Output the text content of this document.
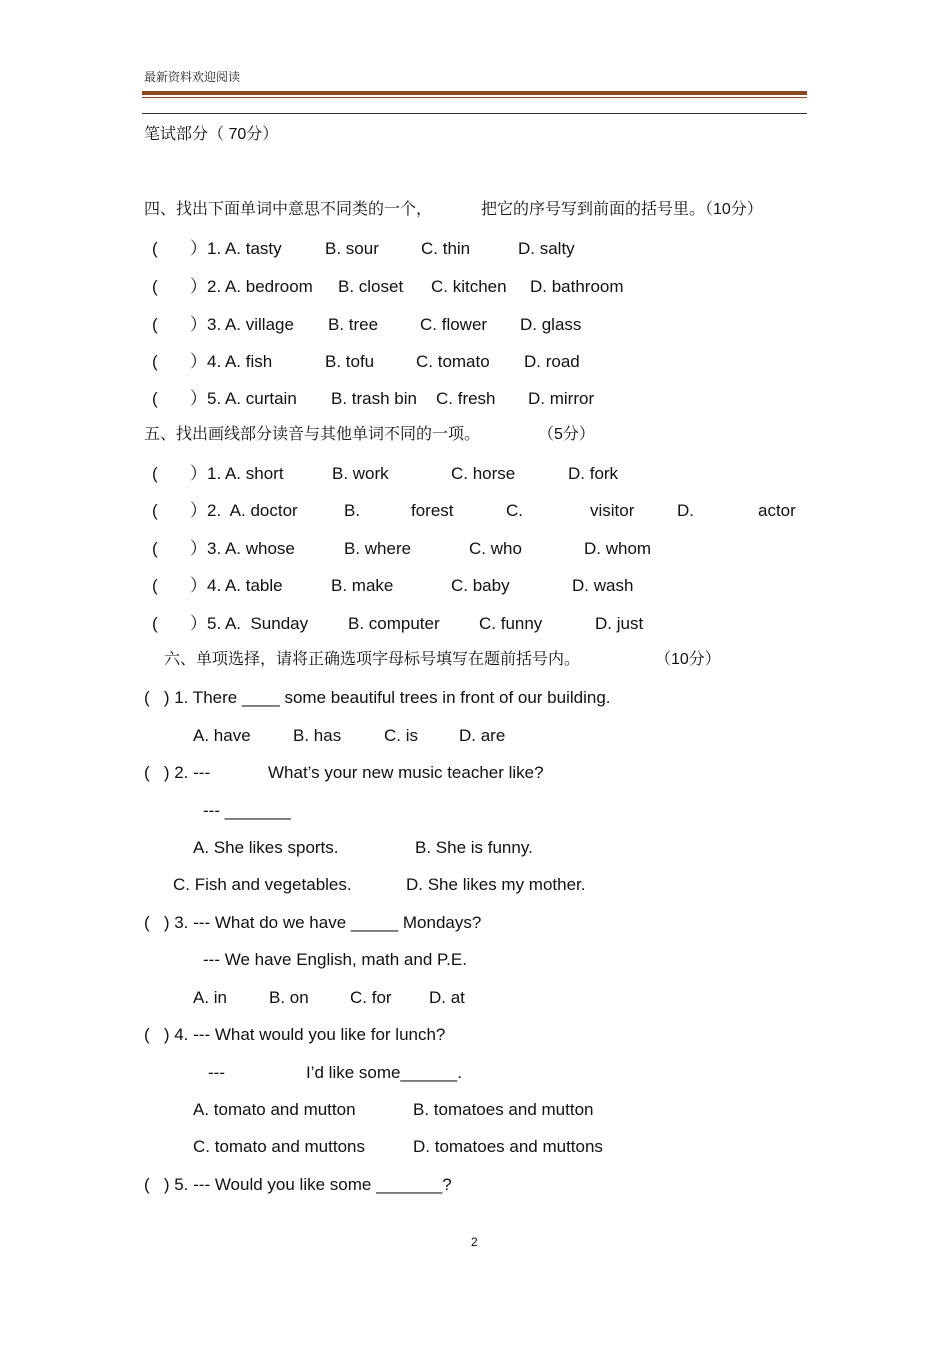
最新资料欢迎阅读
笔试部分（ 70分）
四、找出下面单词中意思不同类的一个，	把它的序号写到前面的括号里。（10分）
( ）1. A. tasty	B. sour C. thin	D. salty
( ）2. A. bedroom B. closet C. kitchen D. bathroom
( ）3. A. village B. tree C. flower D. glass
( ）4. A. fish	B. tofu C. tomato D. road
( ）5. A. curtain B. trash bin C. fresh D. mirror
五、找出画线部分读音与其他单词不同的一项。	（5分）
( ）1. A. short	B. work	C. horse	D. fork
( ）2.  A. doctor	B.	forest	C.	visitor	D.	actor
( ）3. A. whose	B. where	C. who	D. whom
( ）4. A. table	B. make	C. baby	D. wash
( ）5. A.  Sunday B. computer C. funny	D. just
六、单项选择，请将正确选项字母标号填写在题前括号内。	（10分）
(   ) 1. There ____ some beautiful trees in front of our building.
A. have B. has	C. is D. are
(   ) 2. ---	What’s your new music teacher like?
--- _______
A. She likes sports.	B. She is funny.
C. Fish and vegetables.	D. She likes my mother.
(   ) 3. --- What do we have _____ Mondays?
--- We have English, math and P.E.
A. in B. on C. for D. at
(   ) 4. --- What would you like for lunch?
---	I’d like some______.
A. tomato and mutton	B. tomatoes and mutton
C. tomato and muttons	D. tomatoes and muttons
(   ) 5. --- Would you like some _______?
2
